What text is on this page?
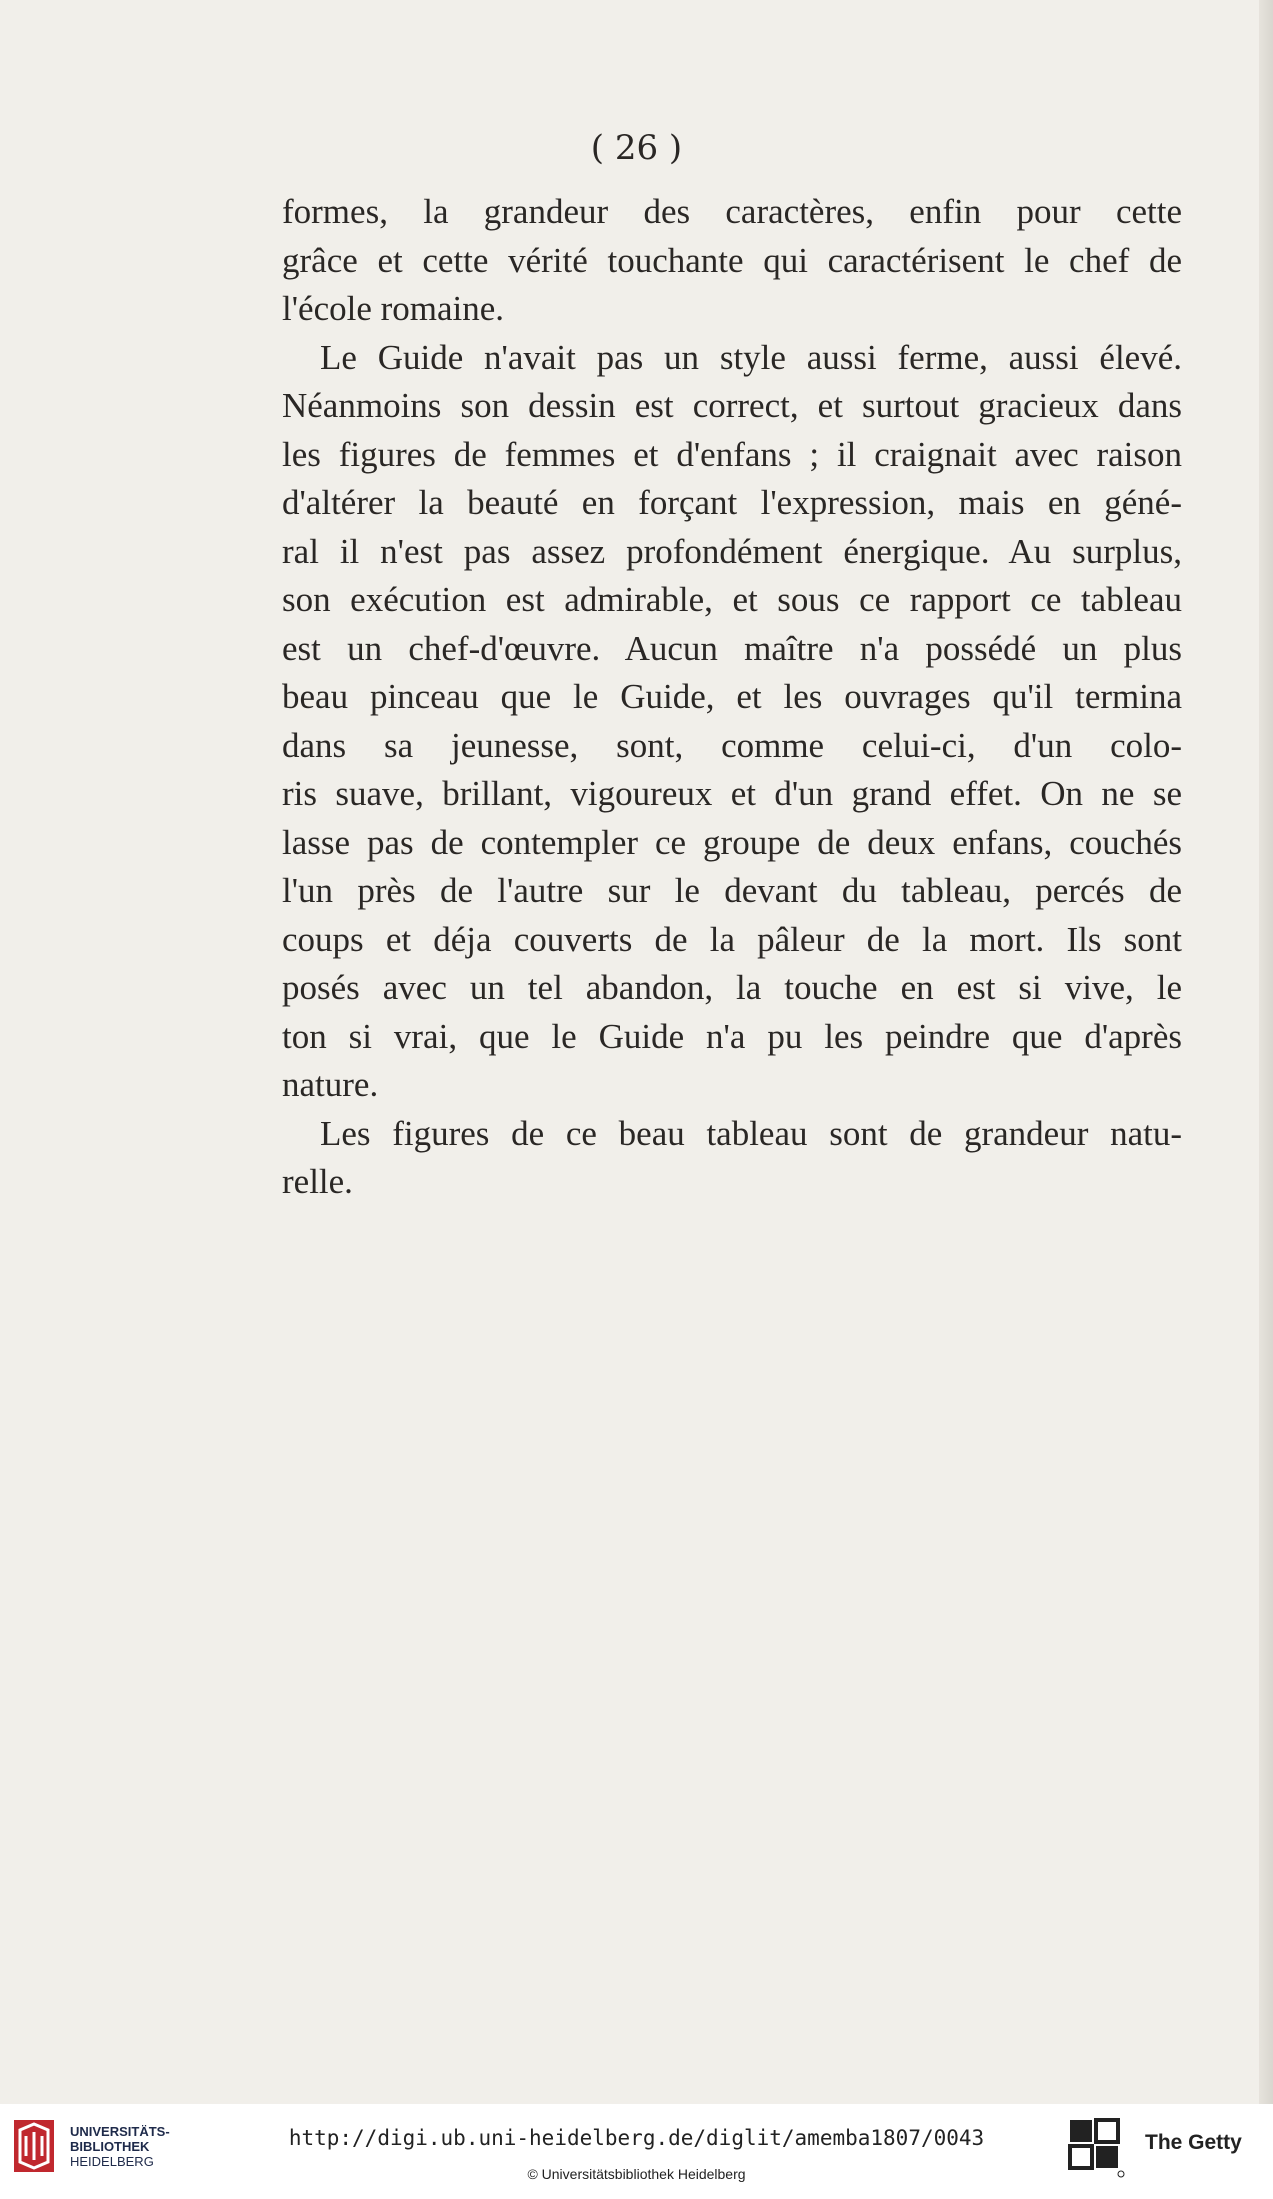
( 26 )

formes, la grandeur des caractères, enfin pour cette
grâce et cette vérité touchante qui caractérisent le chef de
l'école romaine.

Le Guide n'avait pas un style aussi ferme, aussi élevé.
Néanmoins son dessin est correct, et surtout gracieux dans
les figures de femmes et d'enfans ; il craignait avec raison
d'altérer la beauté en forçant l'expression, mais en géné-
ral il n'est pas assez profondément énergique. Au surplus,
son exécution est admirable, et sous ce rapport ce tableau
est un chef-d'œuvre. Aucun maître n'a possédé un plus
beau pinceau que le Guide, et les ouvrages qu'il termina
dans sa jeunesse, sont, comme celui-ci, d'un colo-
ris suave, brillant, vigoureux et d'un grand effet. On ne se
lasse pas de contempler ce groupe de deux enfans, couchés
l'un près de l'autre sur le devant du tableau, percés de
coups et déja couverts de la pâleur de la mort. Ils sont
posés avec un tel abandon, la touche en est si vive, le
ton si vrai, que le Guide n'a pu les peindre que d'après
nature.

Les figures de ce beau tableau sont de grandeur natu-
relle.

UNIVERSITÄTS-
BIBLIOTHEK
HEIDELBERG
http://digi.ub.uni-heidelberg.de/diglit/amemba1807/0043
© Universitätsbibliothek Heidelberg
The Getty
